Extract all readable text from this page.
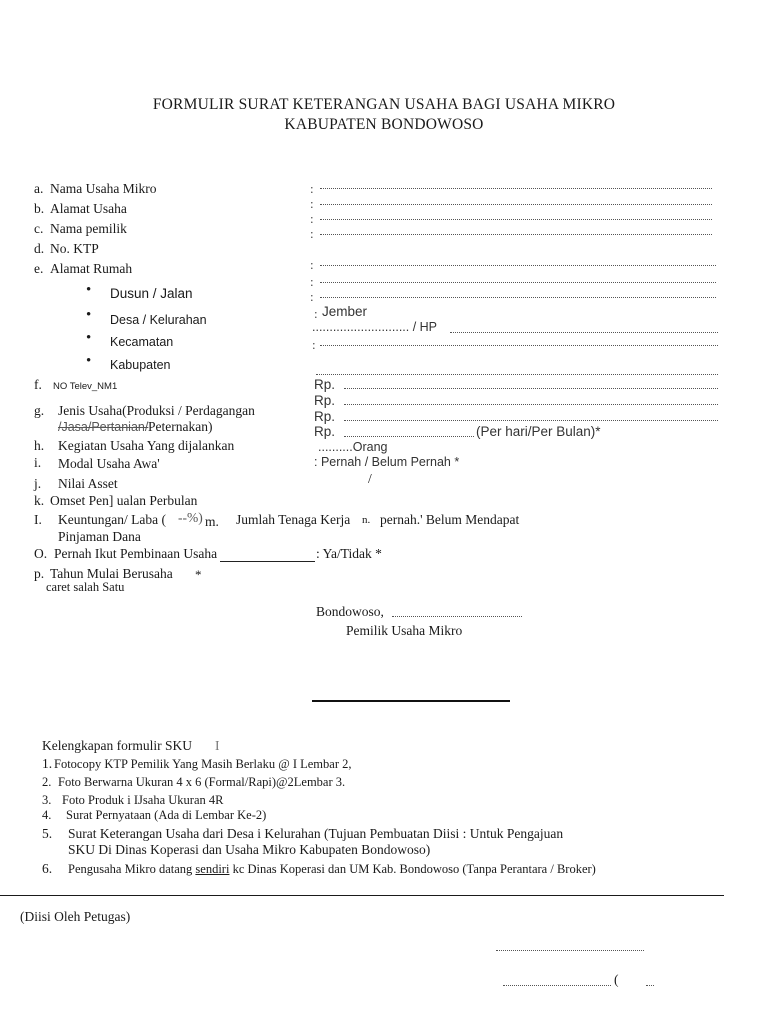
FORMULIR SURAT KETERANGAN USAHA BAGI USAHA MIKRO
KABUPATEN BONDOWOSO
a. Nama Usaha Mikro
b. Alamat Usaha
c. Nama pemilik
d. No. KTP
e. Alamat Rumah
• Dusun / Jalan
• Desa / Kelurahan
• Kecamatan
• Kabupaten
f. NO Telev_NM1
g. Jenis Usaha(Produksi / Perdagangan
/Jasa/Pertanian/ Peternakan)
h. Kegiatan Usaha Yang dijalankan
i. Modal Usaha Awa'
j. Nilai Asset
k. Omset Pen] ualan Perbulan
I. Keuntungan/ Laba ( --%) m. Jumlah Tenaga Kerja n. pernah.' Belum Mendapat
Pinjaman Dana
O. Pernah Ikut Pembinaan Usaha	: Ya/Tidak *
p. Tahun Mulai Berusaha *
caret salah Satu
:
:
:
:
:
:
:
: Jember
............................ / HP
:
Rp.
Rp.
Rp.
Rp.	(Per hari/Per Bulan)*
..........Orang
: Pernah / Belum Pernah *
/
Bondowoso,
Pemilik Usaha Mikro
Kelengkapan formulir SKU I
1. Fotocopy KTP Pemilik Yang Masih Berlaku @ I Lembar 2,
2. Foto Berwarna Ukuran 4 x 6 (Formal/Rapi)@2Lembar 3.
3. Foto Produk i IJsaha Ukuran 4R
4. Surat Pernyataan (Ada di Lembar Ke-2)
5. Surat Keterangan Usaha dari Desa i Kelurahan (Tujuan Pembuatan Diisi : Untuk Pengajuan
SKU Di Dinas Koperasi dan Usaha Mikro Kabupaten Bondowoso)
6. Pengusaha Mikro datang sendiri kc Dinas Koperasi dan UM Kab. Bondowoso (Tanpa Perantara / Broker)
(Diisi Oleh Petugas)
(
